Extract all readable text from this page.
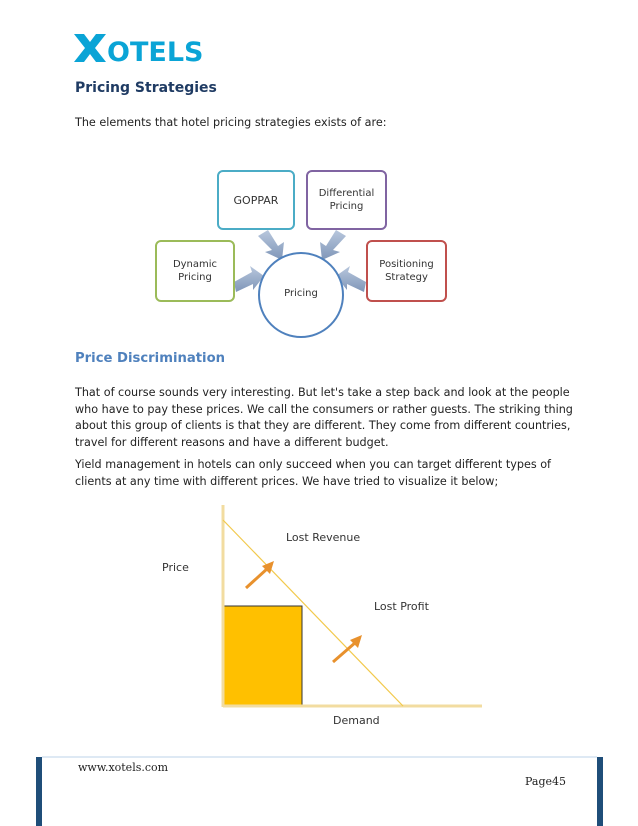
OTELS
Pricing Strategies
The elements that hotel pricing strategies exists of are:
Pricing
Dynamic
Pricing
GOPPAR	Differential
Pricing
Positioning
Strategy
Price Discrimination

That of course sounds very interesting. But let's take a step back and look at the people who have to pay these prices. We call the consumers or rather guests. The striking thing about this group of clients is that they are different. They come from different countries, travel for different reasons and have a different budget.

Yield management in hotels can only succeed when you can target different types of clients at any time with different prices. We have tried to visualize it below;

Price
Lost Revenue
Lost Profit
Demand
www.xotels.com
Page45
